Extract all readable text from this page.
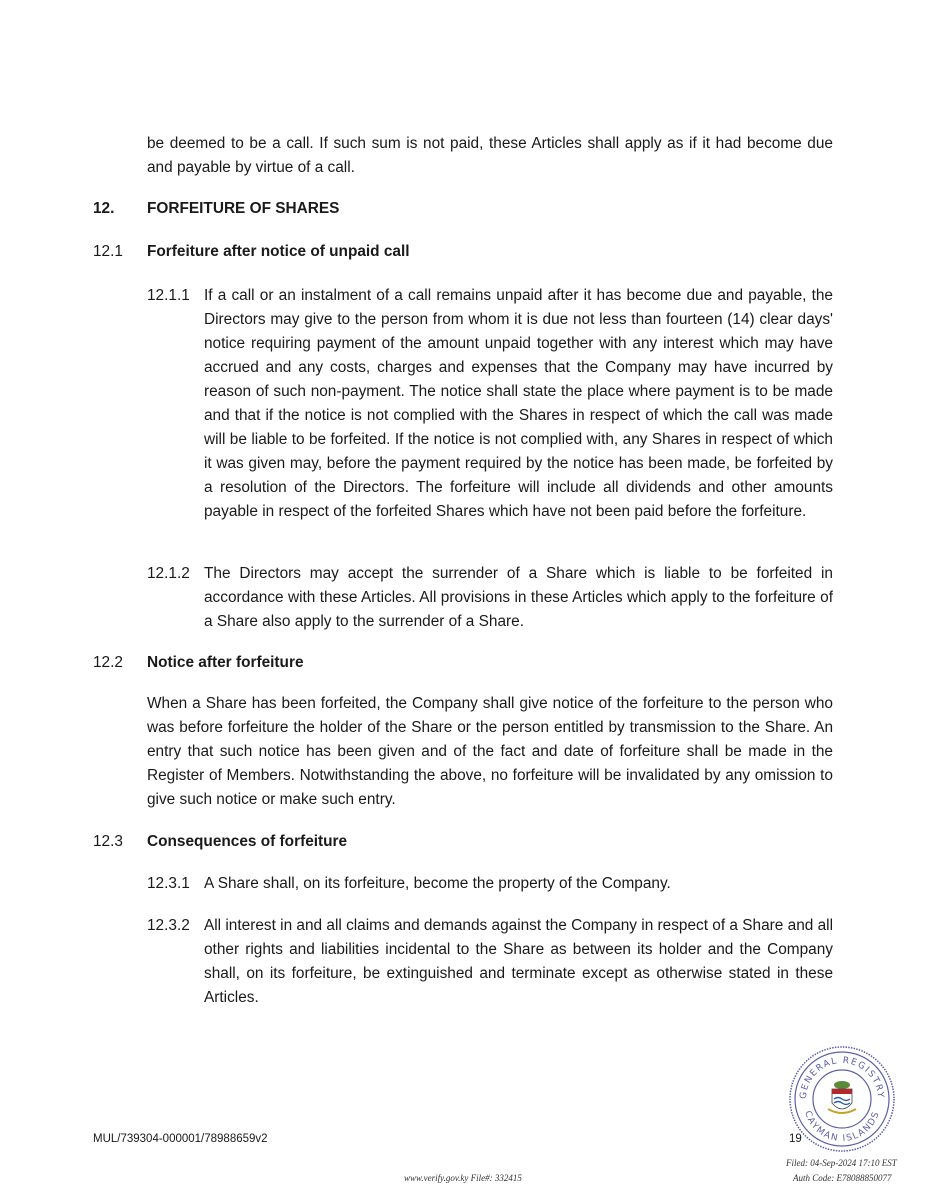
be deemed to be a call. If such sum is not paid, these Articles shall apply as if it had become due and payable by virtue of a call.

12. FORFEITURE OF SHARES
12.1 Forfeiture after notice of unpaid call
12.1.1 If a call or an instalment of a call remains unpaid after it has become due and payable, the Directors may give to the person from whom it is due not less than fourteen (14) clear days' notice requiring payment of the amount unpaid together with any interest which may have accrued and any costs, charges and expenses that the Company may have incurred by reason of such non-payment. The notice shall state the place where payment is to be made and that if the notice is not complied with the Shares in respect of which the call was made will be liable to be forfeited. If the notice is not complied with, any Shares in respect of which it was given may, before the payment required by the notice has been made, be forfeited by a resolution of the Directors. The forfeiture will include all dividends and other amounts payable in respect of the forfeited Shares which have not been paid before the forfeiture.

12.1.2 The Directors may accept the surrender of a Share which is liable to be forfeited in accordance with these Articles. All provisions in these Articles which apply to the forfeiture of a Share also apply to the surrender of a Share.

12.2 Notice after forfeiture

When a Share has been forfeited, the Company shall give notice of the forfeiture to the person who was before forfeiture the holder of the Share or the person entitled by transmission to the Share. An entry that such notice has been given and of the fact and date of forfeiture shall be made in the Register of Members. Notwithstanding the above, no forfeiture will be invalidated by any omission to give such notice or make such entry.

12.3 Consequences of forfeiture
12.3.1 A Share shall, on its forfeiture, become the property of the Company.

12.3.2 All interest in and all claims and demands against the Company in respect of a Share and all other rights and liabilities incidental to the Share as between its holder and the Company shall, on its forfeiture, be extinguished and terminate except as otherwise stated in these Articles.

MUL/739304-000001/78988659v2	19
GENERAL REGISTRY
CAYMAN ISLANDS
www.verify.gov.ky File#: 332415
Filed: 04-Sep-2024 17:10 EST
Auth Code: E78088850077
